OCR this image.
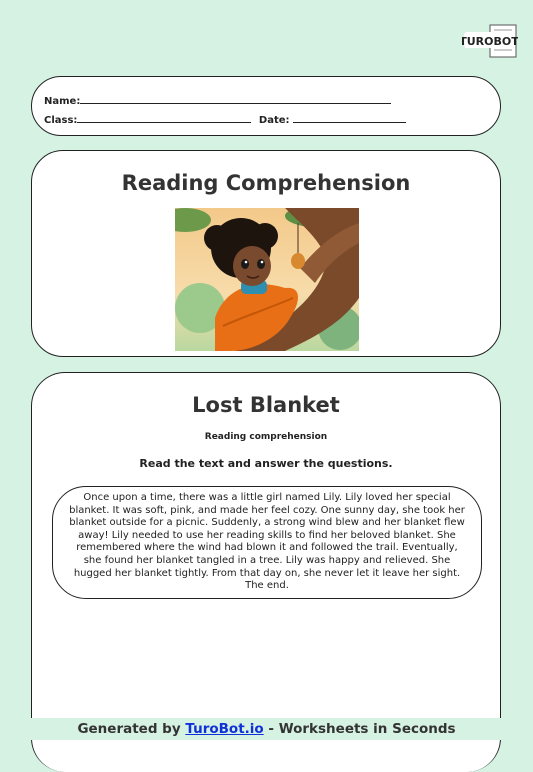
TUROBOT
Name:
Class:	Date:
Reading Comprehension
Lost Blanket
Reading comprehension
Read the text and answer the questions.
Once upon a time, there was a little girl named Lily. Lily loved her special blanket. It was soft, pink, and made her feel cozy. One sunny day, she took her blanket outside for a picnic. Suddenly, a strong wind blew and her blanket flew away! Lily needed to use her reading skills to find her beloved blanket. She remembered where the wind had blown it and followed the trail. Eventually, she found her blanket tangled in a tree. Lily was happy and relieved. She hugged her blanket tightly. From that day on, she never let it leave her sight. The end.
Generated by TuroBot.io - Worksheets in Seconds
